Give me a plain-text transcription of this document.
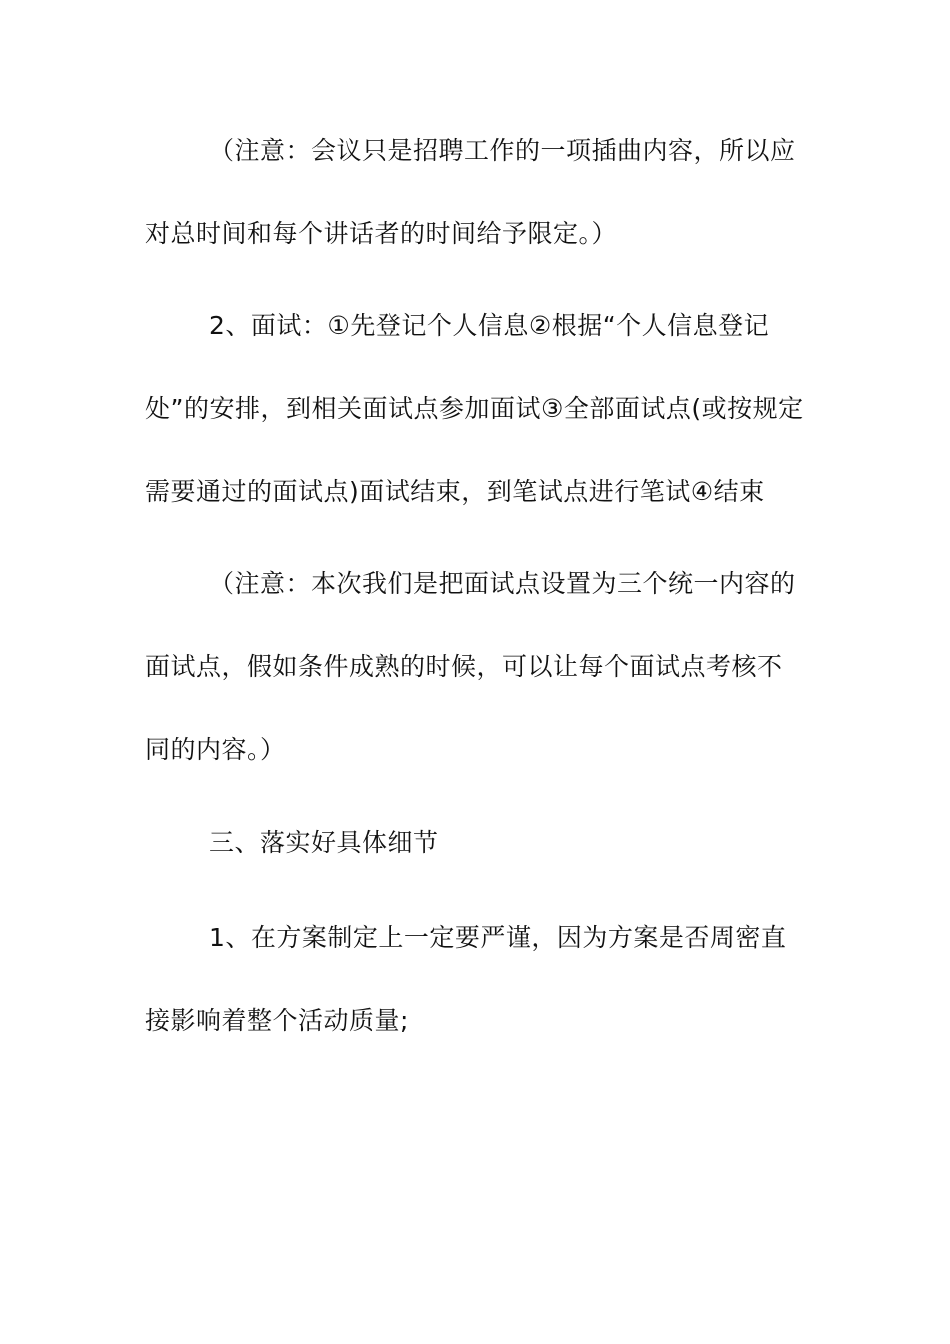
（注意：会议只是招聘工作的一项插曲内容，所以应对总时间和每个讲话者的时间给予限定。）

2、面试：①先登记个人信息②根据“个人信息登记处”的安排，到相关面试点参加面试③全部面试点(或按规定需要通过的面试点)面试结束，到笔试点进行笔试④结束

（注意：本次我们是把面试点设置为三个统一内容的面试点，假如条件成熟的时候，可以让每个面试点考核不同的内容。）

三、落实好具体细节

1、在方案制定上一定要严谨，因为方案是否周密直接影响着整个活动质量;
